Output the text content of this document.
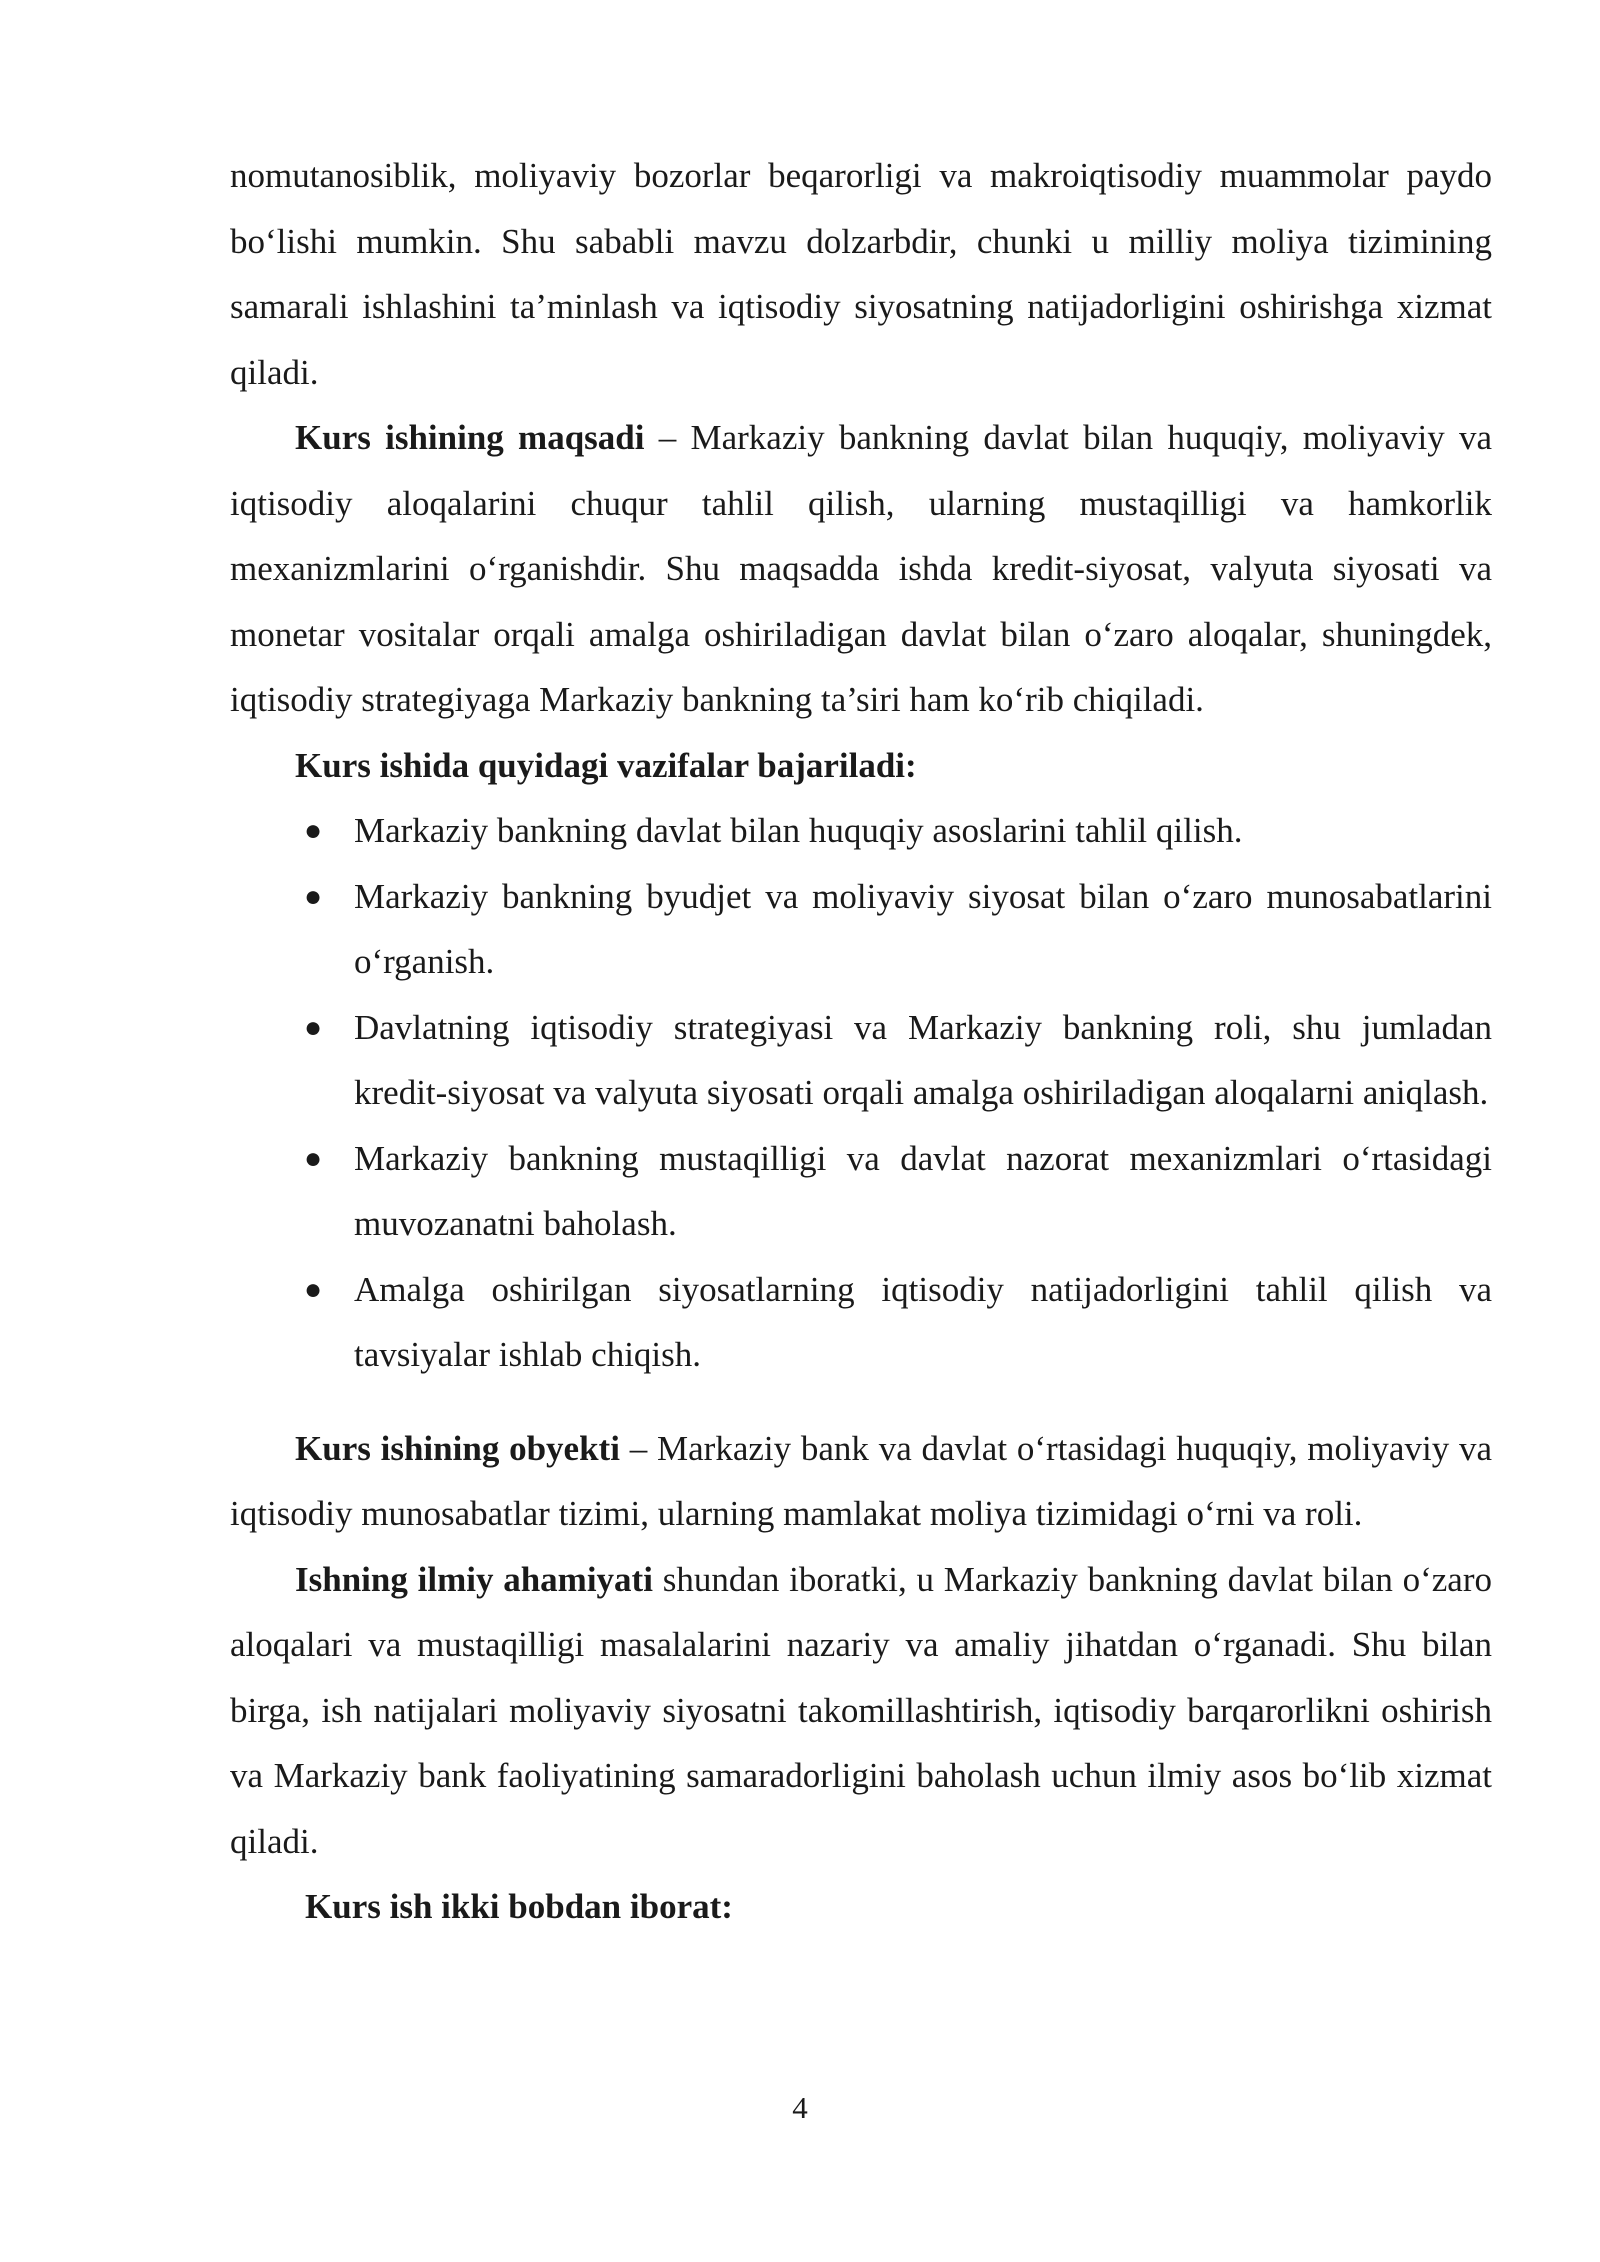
nomutanosiblik, moliyaviy bozorlar beqarorligi va makroiqtisodiy muammolar paydo bo‘lishi mumkin. Shu sababli mavzu dolzarbdir, chunki u milliy moliya tizimining samarali ishlashini ta’minlash va iqtisodiy siyosatning natijadorligini oshirishga xizmat qiladi.

Kurs ishining maqsadi – Markaziy bankning davlat bilan huquqiy, moliyaviy va iqtisodiy aloqalarini chuqur tahlil qilish, ularning mustaqilligi va hamkorlik mexanizmlarini o‘rganishdir. Shu maqsadda ishda kredit-siyosat, valyuta siyosati va monetar vositalar orqali amalga oshiriladigan davlat bilan o‘zaro aloqalar, shuningdek, iqtisodiy strategiyaga Markaziy bankning ta’siri ham ko‘rib chiqiladi.

Kurs ishida quyidagi vazifalar bajariladi:

● Markaziy bankning davlat bilan huquqiy asoslarini tahlil qilish.
● Markaziy bankning byudjet va moliyaviy siyosat bilan o‘zaro munosabatlarini o‘rganish.
● Davlatning iqtisodiy strategiyasi va Markaziy bankning roli, shu jumladan kredit-siyosat va valyuta siyosati orqali amalga oshiriladigan aloqalarni aniqlash.
● Markaziy bankning mustaqilligi va davlat nazorat mexanizmlari o‘rtasidagi muvozanatni baholash.
● Amalga oshirilgan siyosatlarning iqtisodiy natijadorligini tahlil qilish va tavsiyalar ishlab chiqish.

Kurs ishining obyekti – Markaziy bank va davlat o‘rtasidagi huquqiy, moliyaviy va iqtisodiy munosabatlar tizimi, ularning mamlakat moliya tizimidagi o‘rni va roli.

Ishning ilmiy ahamiyati shundan iboratki, u Markaziy bankning davlat bilan o‘zaro aloqalari va mustaqilligi masalalarini nazariy va amaliy jihatdan o‘rganadi. Shu bilan birga, ish natijalari moliyaviy siyosatni takomillashtirish, iqtisodiy barqarorlikni oshirish va Markaziy bank faoliyatining samaradorligini baholash uchun ilmiy asos bo‘lib xizmat qiladi.

Kurs ish ikki bobdan iborat:

4
